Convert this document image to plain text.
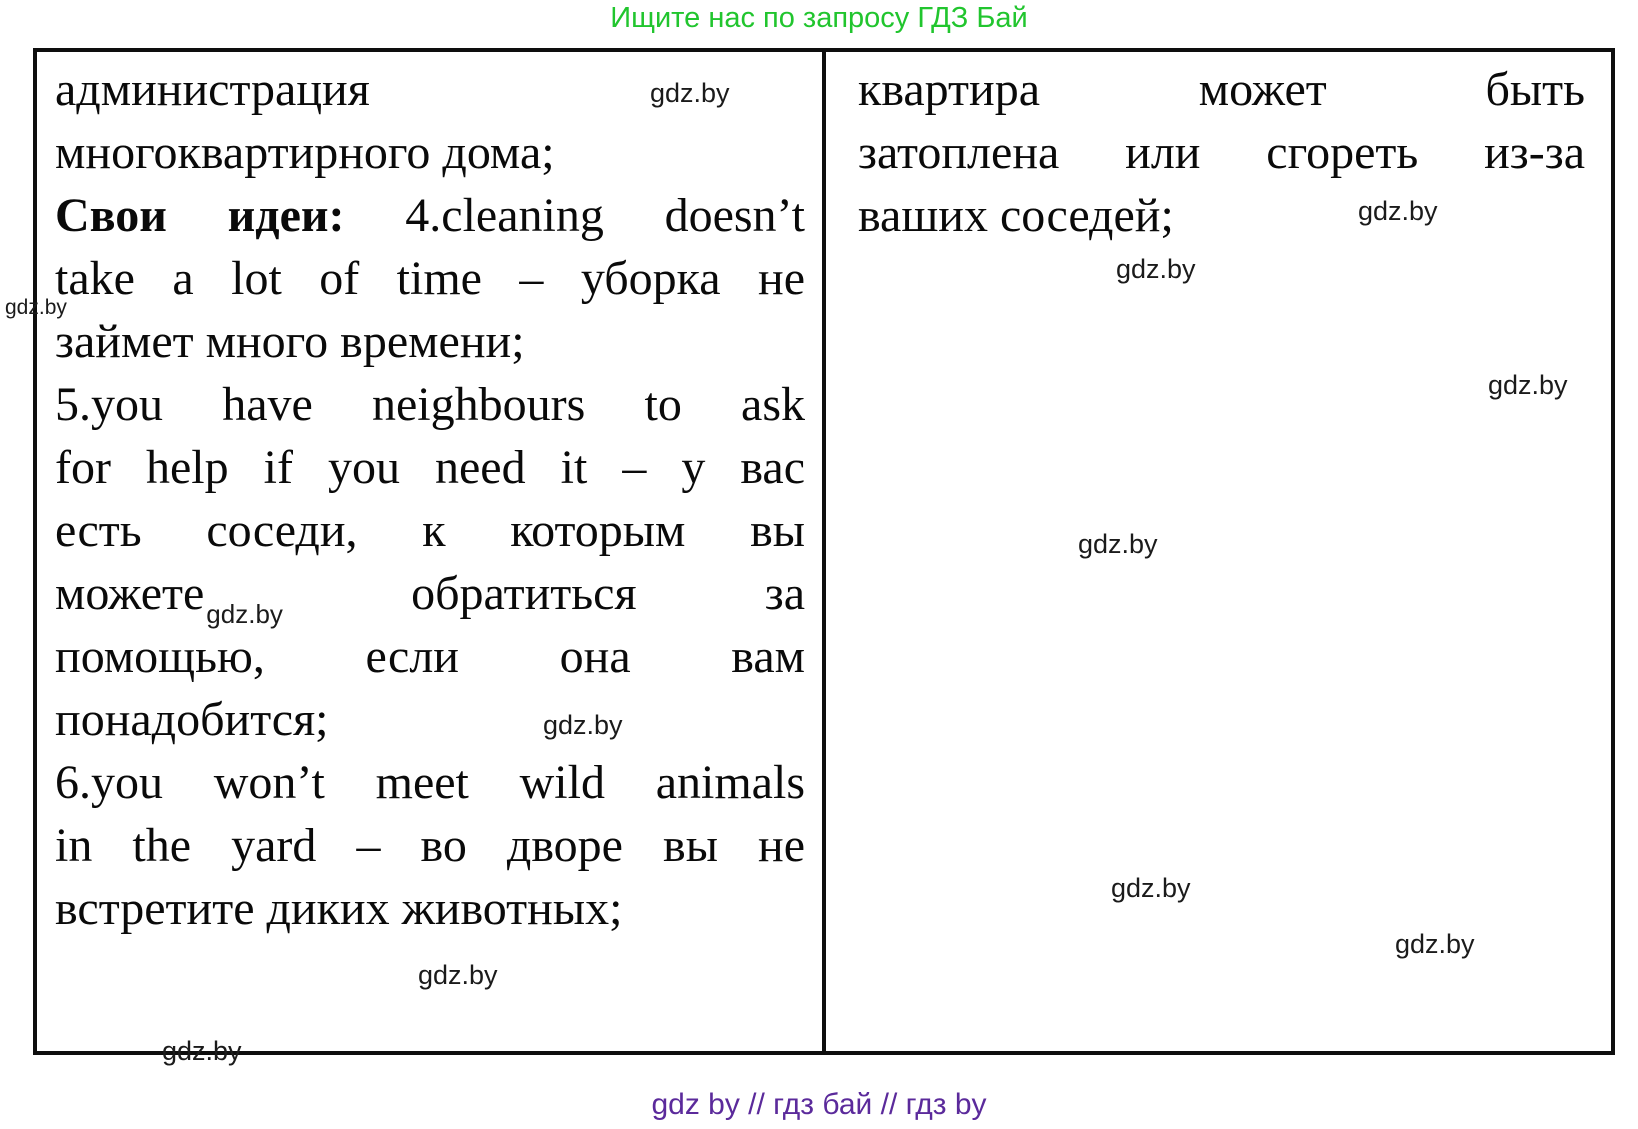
Ищите нас по запросу ГДЗ Бай
администрация
многоквартирного дома;
Свои идеи: 4.cleaning doesn’t
take a lot of time – уборка не
займет много времени;
5.you have neighbours to ask
for help if you need it – у вас
есть соседи, к которым вы
можете$_{gdz.by}$	обратиться за
помощью, если она вам
понадобится;
6.you won’t meet wild animals
in the yard – во дворе вы не
встретите диких животных;
квартира может быть
затоплена или сгореть из-за
ваших соседей;
gdz.by
gdz.by
gdz.by
gdz.by
gdz.by
gdz.by
gdz.by
gdz.by
gdz.by
gdz.by
gdz.by
gdz by // гдз бай // гдз by
